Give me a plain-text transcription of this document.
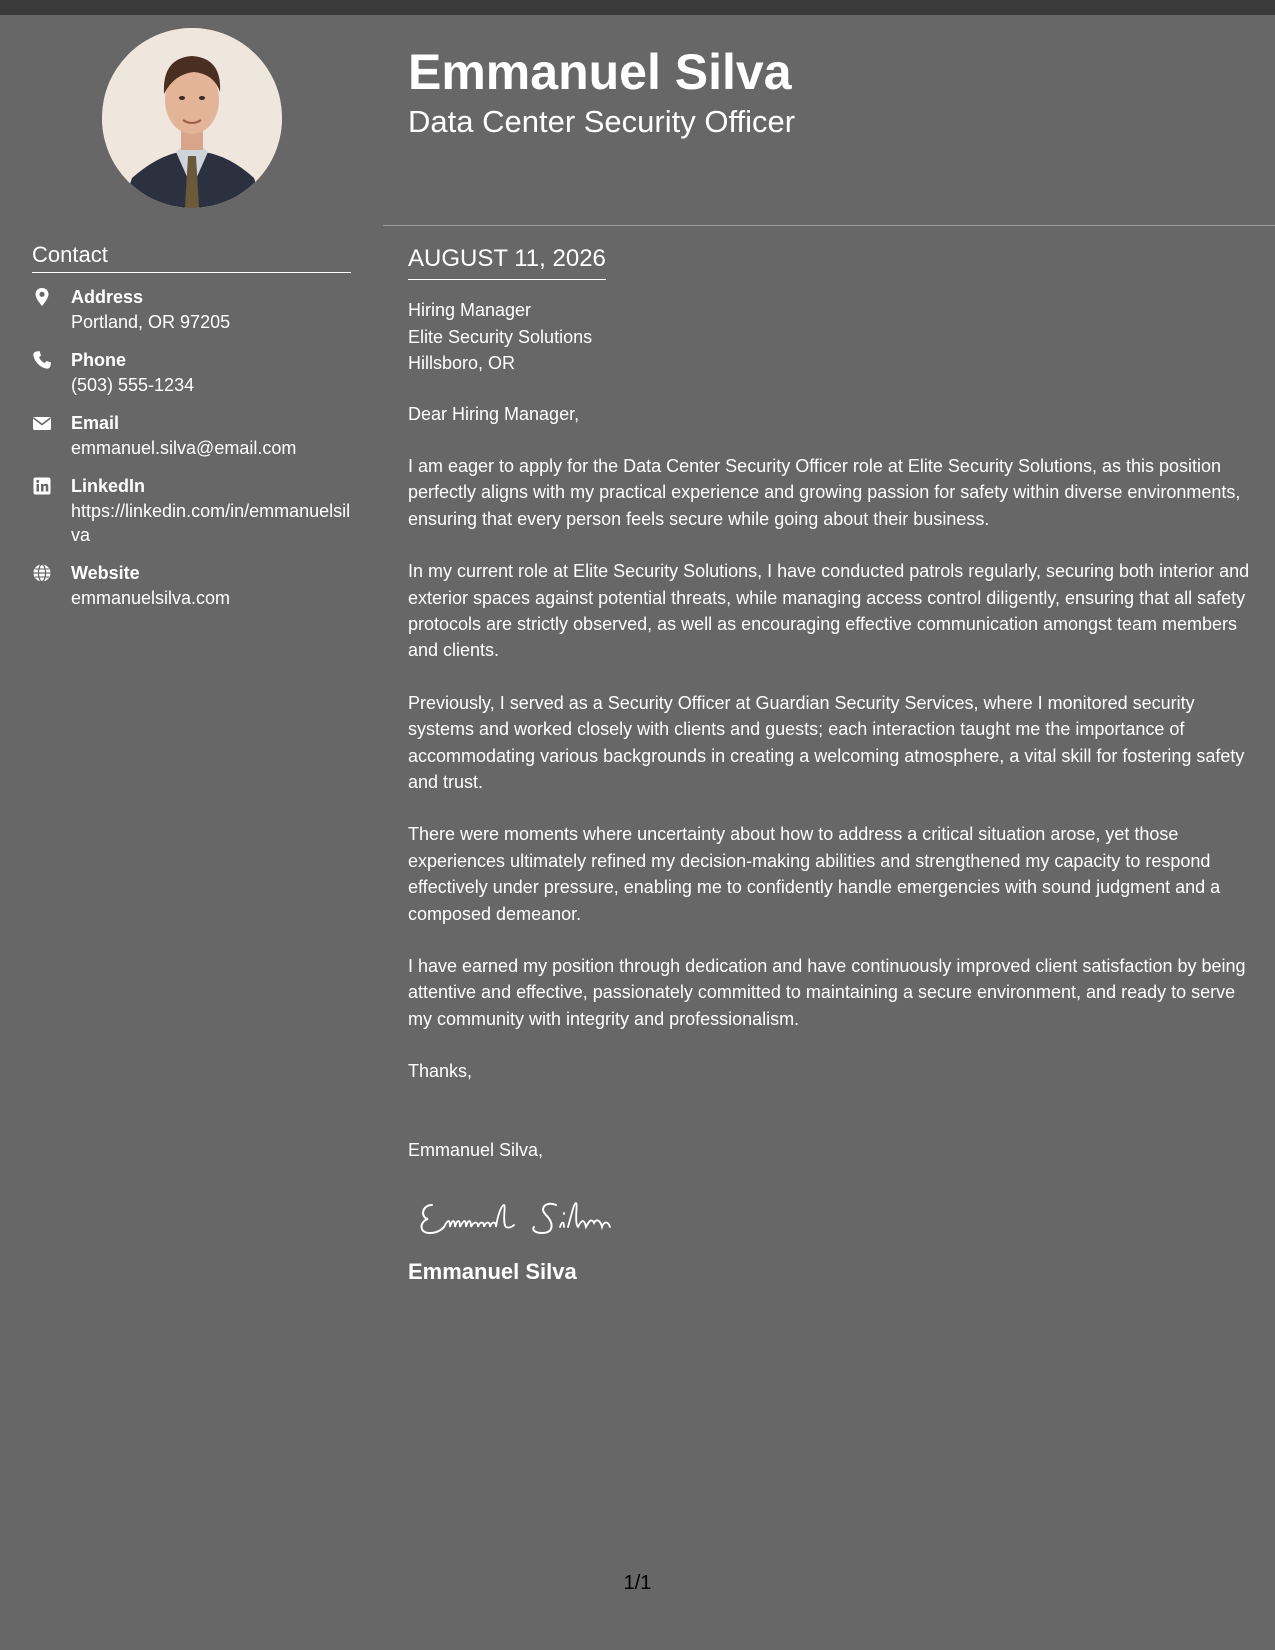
Contact
Address
Portland, OR 97205
Phone
(503) 555-1234
Email
emmanuel.silva@email.com
LinkedIn
https://linkedin.com/in/emmanuelsilva
Website
emmanuelsilva.com
Emmanuel Silva
Data Center Security Officer
AUGUST 11, 2026
Hiring Manager
Elite Security Solutions
Hillsboro, OR

Dear Hiring Manager,

I am eager to apply for the Data Center Security Officer role at Elite Security Solutions, as this position perfectly aligns with my practical experience and growing passion for safety within diverse environments, ensuring that every person feels secure while going about their business.

In my current role at Elite Security Solutions, I have conducted patrols regularly, securing both interior and exterior spaces against potential threats, while managing access control diligently, ensuring that all safety protocols are strictly observed, as well as encouraging effective communication amongst team members and clients.

Previously, I served as a Security Officer at Guardian Security Services, where I monitored security systems and worked closely with clients and guests; each interaction taught me the importance of accommodating various backgrounds in creating a welcoming atmosphere, a vital skill for fostering safety and trust.

There were moments where uncertainty about how to address a critical situation arose, yet those experiences ultimately refined my decision-making abilities and strengthened my capacity to respond effectively under pressure, enabling me to confidently handle emergencies with sound judgment and a composed demeanor.

I have earned my position through dedication and have continuously improved client satisfaction by being attentive and effective, passionately committed to maintaining a secure environment, and ready to serve my community with integrity and professionalism.

Thanks,

Emmanuel Silva,

Emmanuel Silva
1/1
